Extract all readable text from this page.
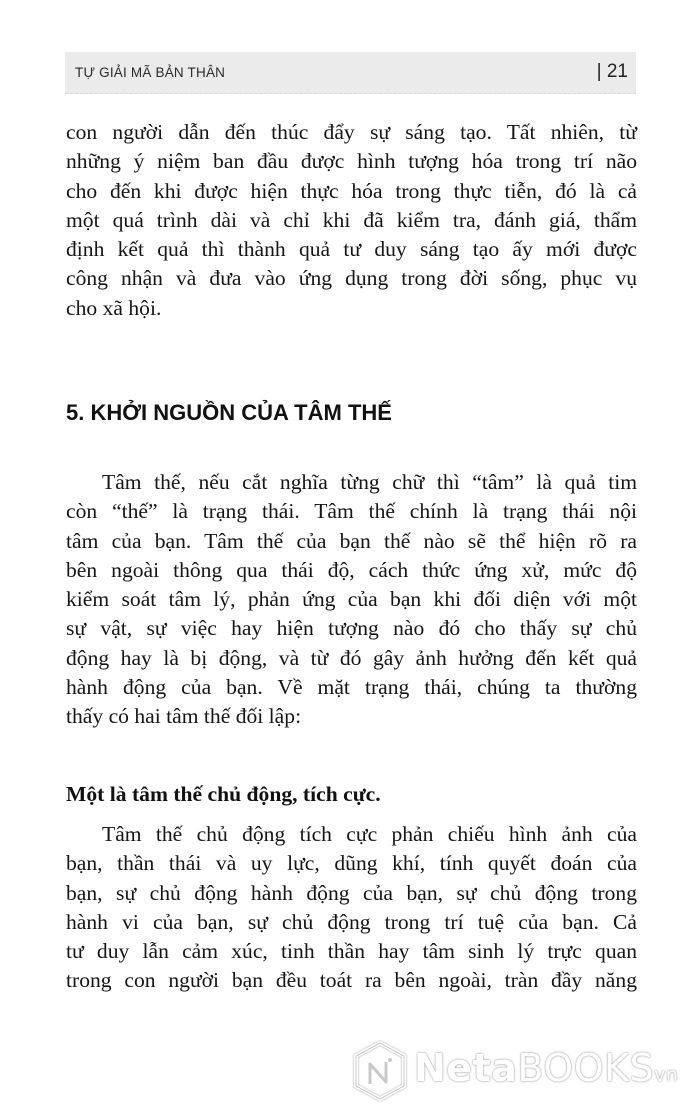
TỰ GIẢI MÃ BẢN THÂN	| 21
con người dẫn đến thúc đẩy sự sáng tạo. Tất nhiên, từ
những ý niệm ban đầu được hình tượng hóa trong trí não
cho đến khi được hiện thực hóa trong thực tiễn, đó là cả
một quá trình dài và chỉ khi đã kiểm tra, đánh giá, thẩm
định kết quả thì thành quả tư duy sáng tạo ấy mới được
công nhận và đưa vào ứng dụng trong đời sống, phục vụ
cho xã hội.
5. KHỞI NGUỒN CỦA TÂM THẾ
Tâm thế, nếu cắt nghĩa từng chữ thì “tâm” là quả tim
còn “thế” là trạng thái. Tâm thế chính là trạng thái nội
tâm của bạn. Tâm thế của bạn thế nào sẽ thể hiện rõ ra
bên ngoài thông qua thái độ, cách thức ứng xử, mức độ
kiểm soát tâm lý, phản ứng của bạn khi đối diện với một
sự vật, sự việc hay hiện tượng nào đó cho thấy sự chủ
động hay là bị động, và từ đó gây ảnh hưởng đến kết quả
hành động của bạn. Về mặt trạng thái, chúng ta thường
thấy có hai tâm thế đối lập:
Một là tâm thế chủ động, tích cực.
Tâm thế chủ động tích cực phản chiếu hình ảnh của
bạn, thần thái và uy lực, dũng khí, tính quyết đoán của
bạn, sự chủ động hành động của bạn, sự chủ động trong
hành vi của bạn, sự chủ động trong trí tuệ của bạn. Cả
tư duy lẫn cảm xúc, tinh thần hay tâm sinh lý trực quan
trong con người bạn đều toát ra bên ngoài, tràn đầy năng
NetaBOOKSvn
